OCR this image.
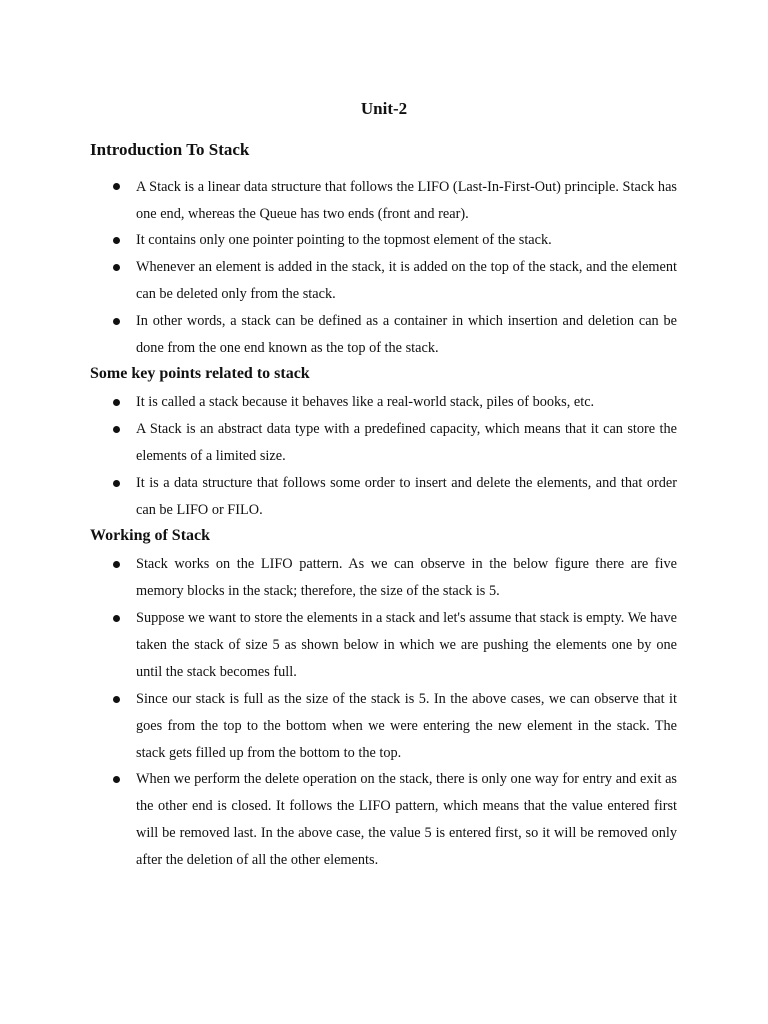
Unit-2
Introduction To Stack

A Stack is a linear data structure that follows the LIFO (Last-In-First-Out) principle. Stack has one end, whereas the Queue has two ends (front and rear).

It contains only one pointer pointing to the topmost element of the stack.

Whenever an element is added in the stack, it is added on the top of the stack, and the element can be deleted only from the stack.

In other words, a stack can be defined as a container in which insertion and deletion can be done from the one end known as the top of the stack.

Some key points related to stack

It is called a stack because it behaves like a real-world stack, piles of books, etc.

A Stack is an abstract data type with a predefined capacity, which means that it can store the elements of a limited size.

It is a data structure that follows some order to insert and delete the elements, and that order can be LIFO or FILO.

Working of Stack

Stack works on the LIFO pattern. As we can observe in the below figure there are five memory blocks in the stack; therefore, the size of the stack is 5.

Suppose we want to store the elements in a stack and let's assume that stack is empty. We have taken the stack of size 5 as shown below in which we are pushing the elements one by one until the stack becomes full.

Since our stack is full as the size of the stack is 5. In the above cases, we can observe that it goes from the top to the bottom when we were entering the new element in the stack. The stack gets filled up from the bottom to the top.

When we perform the delete operation on the stack, there is only one way for entry and exit as the other end is closed. It follows the LIFO pattern, which means that the value entered first will be removed last. In the above case, the value 5 is entered first, so it will be removed only after the deletion of all the other elements.
